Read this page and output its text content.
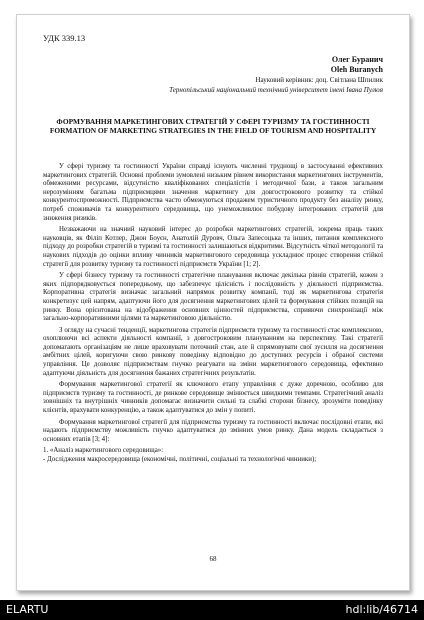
УДК 339.13
Олег Буранич
Oleh Buranych
Науковий керівник: доц. Світлана Шпилик
Тернопільський національний технічний університет імені Івана Пулюя
ФОРМУВАННЯ МАРКЕТИНГОВИХ СТРАТЕГІЙ У СФЕРІ ТУРИЗМУ ТА ГОСТИННОСТІ
FORMATION OF MARKETING STRATEGIES IN THE FIELD OF TOURISM AND HOSPITALITY

У сфері туризму та гостинності України справді існують численні труднощі в застосуванні ефективних маркетингових стратегій. Основні проблеми зумовлені низьким рівнем використання маркетингових інструментів, обмеженими ресурсами, відсутністю кваліфікованих спеціалістів і методичної бази, а також загальним нерозумінням багатьма підприємцями значення маркетингу для довгострокового розвитку та стійкої конкурентоспроможності. Підприємства часто обмежуються продажем туристичного продукту без аналізу ринку, потреб споживачів та конкурентного середовища, що унеможливлює побудову інтегрованих стратегій для зниження ризиків.

Незважаючи на значний науковий інтерес до розробки маркетингових стратегій, зокрема праць таких науковців, як Філіп Котлер, Джон Боуєн, Анатолій Дуровч, Ольга Запесоцька та інших, питання комплексного підходу до розробки стратегій в туризмі та гостинності залишаються відкритими. Відсутність чіткої методології та наукових підходів до оцінки впливу чинників маркетингового середовища ускладнює процес створення стійкої стратегії для розвитку туризму та гостинності підприємств України [1; 2].

У сфері бізнесу туризму та гостинності стратегічне планування включає декілька рівнів стратегій, кожен з яких підпорядковується попередньому, що забезпечує цілісність і послідовність у діяльності підприємства. Корпоративна стратегія визначає загальний напрямок розвитку компанії, тоді як маркетингова стратегія конкретизує цей напрям, адаптуючи його для досягнення маркетингових цілей та формування стійких позицій на ринку. Вона орієнтована на відображення основних цінностей підприємства, сприяючи синхронізації між загально-корпоративними цілями та маркетинговою діяльністю.

З огляду на сучасні тенденції, маркетингова стратегія підприємств туризму та гостинності стає комплексною, охоплюючи всі аспекти діяльності компанії, з довгостроковим плануванням на перспективу. Такі стратегії допомагають організаціям не лише враховувати поточний стан, але й спрямовувати свої зусилля на досягнення амбітних цілей, коригуючи свою ринкову поведінку відповідно до доступних ресурсів і обраної системи управління. Це дозволяє підприємствам гнучко реагувати на зміни маркетингового середовища, ефективно адаптуючи діяльність для досягнення бажаних стратегічних результатів.

Формування маркетингової стратегії як ключового етапу управління є дуже доречною, особливо для підприємств туризму та гостинності, де ринкове середовище змінюється швидкими темпами. Стратегічний аналіз зовнішніх та внутрішніх чинників допомагає визначити сильні та слабкі сторони бізнесу, зрозуміти поведінку клієнтів, врахувати конкуренцію, а також адаптуватися до змін у попиті.

Формування маркетингової стратегії для підприємства туризму та гостинності включає послідовні етапи, які надають підприємству можливість гнучко адаптуватися до змінних умов ринку. Дана модель складається з основних етапів [3; 4]:

1. «Аналіз маркетингового середовища»:

- Дослідження макросередовища (економічні, політичні, соціальні та технологічні чинники);

68
ELARTU	hdl:lib/46714
